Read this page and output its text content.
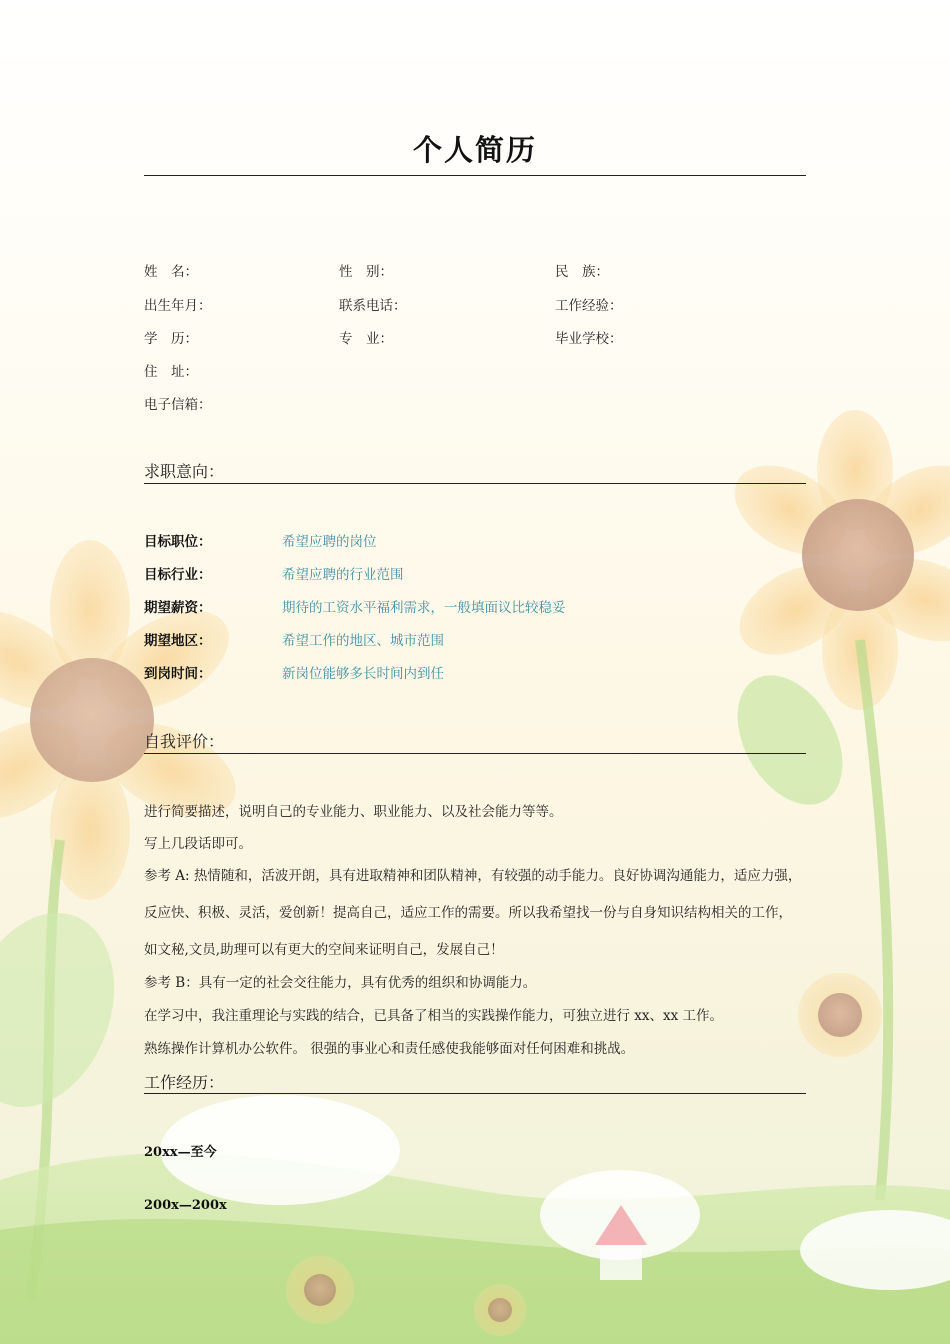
个人简历
姓　名：	性　别：	民　族：
出生年月：	联系电话：	工作经验：
学　历：	专　业：	毕业学校：
住　址：
电子信箱：
求职意向：
目标职位：	希望应聘的岗位
目标行业：	希望应聘的行业范围
期望薪资：	期待的工资水平福利需求，一般填面议比较稳妥
期望地区：	希望工作的地区、城市范围
到岗时间：	新岗位能够多长时间内到任
自我评价：
进行简要描述，说明自己的专业能力、职业能力、以及社会能力等等。
写上几段话即可。
参考 A: 热情随和，活波开朗，具有进取精神和团队精神，有较强的动手能力。良好协调沟通能力，适应力强，
反应快、积极、灵活，爱创新！提高自己，适应工作的需要。所以我希望找一份与自身知识结构相关的工作，
如文秘,文员,助理可以有更大的空间来证明自己，发展自己！
参考 B：具有一定的社会交往能力，具有优秀的组织和协调能力。
在学习中，我注重理论与实践的结合，已具备了相当的实践操作能力，可独立进行 xx、xx 工作。
熟练操作计算机办公软件。 很强的事业心和责任感使我能够面对任何困难和挑战。
工作经历：
20xx—至今
200x—200x
